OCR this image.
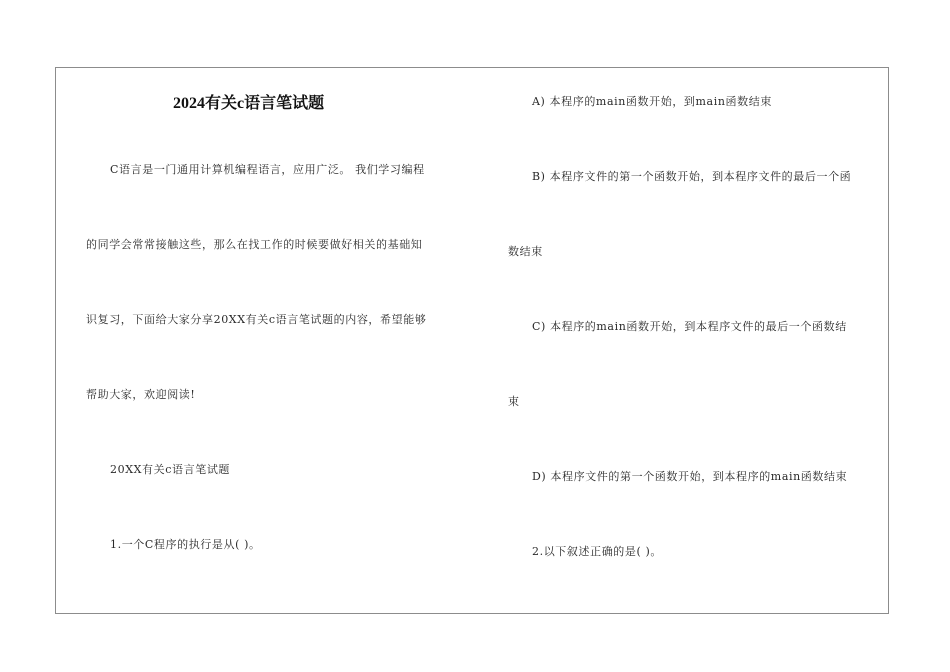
2024有关c语言笔试题
C语言是一门通用计算机编程语言，应用广泛。 我们学习编程
的同学会常常接触这些，那么在找工作的时候要做好相关的基础知
识复习，下面给大家分享20XX有关c语言笔试题的内容，希望能够
帮助大家，欢迎阅读!
20XX有关c语言笔试题
1.一个C程序的执行是从( )。
A) 本程序的main函数开始，到main函数结束
B) 本程序文件的第一个函数开始，到本程序文件的最后一个函
数结束
C) 本程序的main函数开始，到本程序文件的最后一个函数结
束
D) 本程序文件的第一个函数开始，到本程序的main函数结束
2.以下叙述正确的是( )。
